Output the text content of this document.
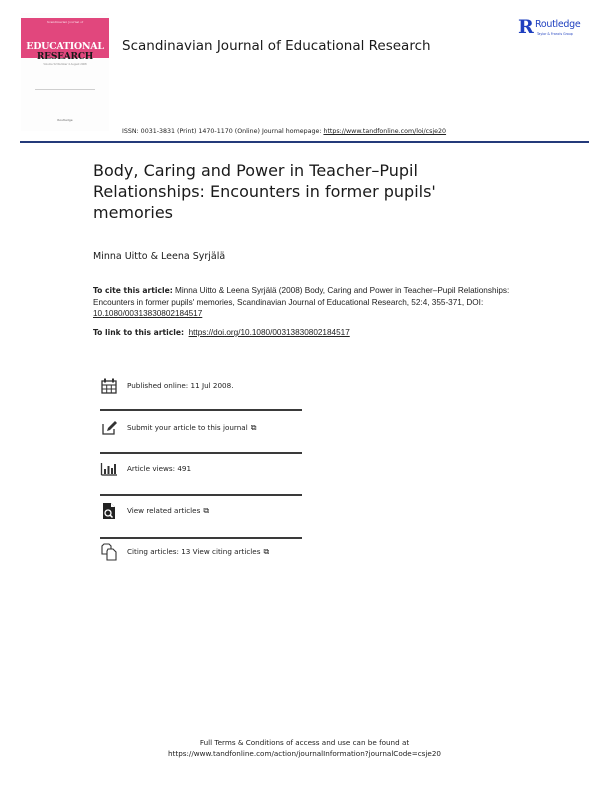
Scandinavian Journal of
EDUCATIONAL
RESEARCH
Volume 52 Number 4 August 2008
Routledge
Scandinavian Journal of Educational Research
R Routledge
Taylor & Francis Group
ISSN: 0031-3831 (Print) 1470-1170 (Online) Journal homepage: https://www.tandfonline.com/loi/csje20
Body, Caring and Power in Teacher–Pupil Relationships: Encounters in former pupils' memories
Minna Uitto & Leena Syrjälä
To cite this article: Minna Uitto & Leena Syrjälä (2008) Body, Caring and Power in Teacher–Pupil Relationships: Encounters in former pupils' memories, Scandinavian Journal of Educational Research, 52:4, 355-371, DOI: 10.1080/00313830802184517
To link to this article: https://doi.org/10.1080/00313830802184517
Published online: 11 Jul 2008.
Submit your article to this journal ⧉
Article views: 491
View related articles ⧉
Citing articles: 13 View citing articles ⧉
Full Terms & Conditions of access and use can be found at
https://www.tandfonline.com/action/journalInformation?journalCode=csje20
